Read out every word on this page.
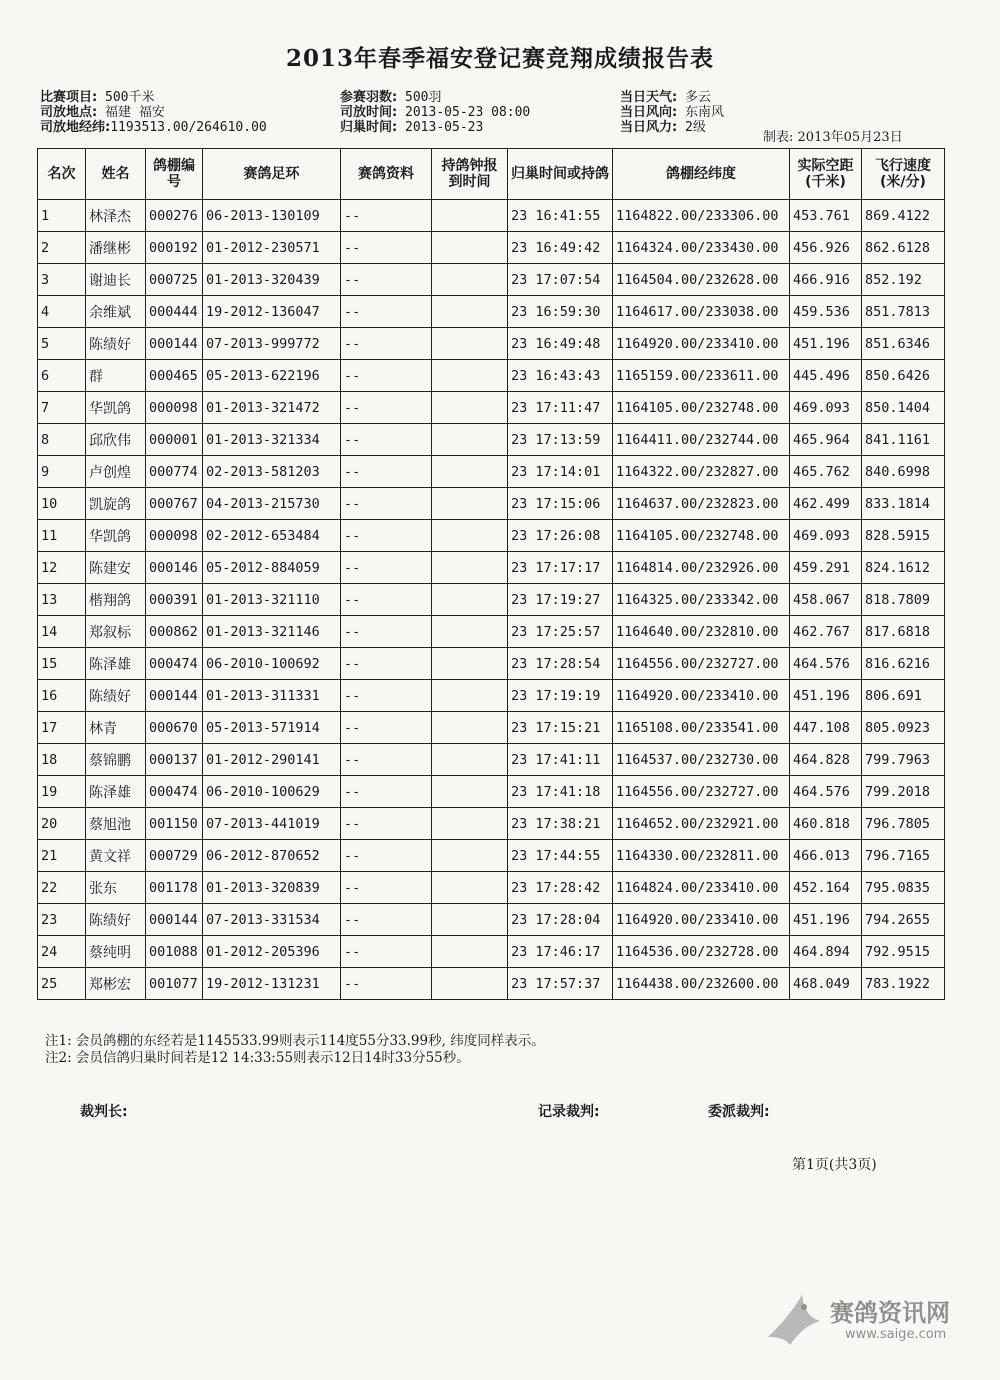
2013年春季福安登记赛竞翔成绩报告表
比赛项目: 500千米
司放地点: 福建 福安
司放地经纬:1193513.00/264610.00
参赛羽数: 500羽
司放时间: 2013-05-23 08:00
归巢时间: 2013-05-23
当日天气: 多云
当日风向: 东南风
当日风力: 2级
制表: 2013年05月23日
名次	姓名	鸽棚编号	赛鸽足环	赛鸽资料	持鸽钟报到时间	归巢时间或持鸽	鸽棚经纬度	实际空距(千米)	飞行速度(米/分)
1	林泽杰	000276	06-2013-130109	--		23 16:41:55	1164822.00/233306.00	453.761	869.4122
2	潘继彬	000192	01-2012-230571	--		23 16:49:42	1164324.00/233430.00	456.926	862.6128
3	谢迪长	000725	01-2013-320439	--		23 17:07:54	1164504.00/232628.00	466.916	852.192
4	余维斌	000444	19-2012-136047	--		23 16:59:30	1164617.00/233038.00	459.536	851.7813
5	陈绩好	000144	07-2013-999772	--		23 16:49:48	1164920.00/233410.00	451.196	851.6346
6	群	000465	05-2013-622196	--		23 16:43:43	1165159.00/233611.00	445.496	850.6426
7	华凯鸽	000098	01-2013-321472	--		23 17:11:47	1164105.00/232748.00	469.093	850.1404
8	邱欣伟	000001	01-2013-321334	--		23 17:13:59	1164411.00/232744.00	465.964	841.1161
9	卢创煌	000774	02-2013-581203	--		23 17:14:01	1164322.00/232827.00	465.762	840.6998
10	凯旋鸽	000767	04-2013-215730	--		23 17:15:06	1164637.00/232823.00	462.499	833.1814
11	华凯鸽	000098	02-2012-653484	--		23 17:26:08	1164105.00/232748.00	469.093	828.5915
12	陈建安	000146	05-2012-884059	--		23 17:17:17	1164814.00/232926.00	459.291	824.1612
13	楷翔鸽	000391	01-2013-321110	--		23 17:19:27	1164325.00/233342.00	458.067	818.7809
14	郑叙标	000862	01-2013-321146	--		23 17:25:57	1164640.00/232810.00	462.767	817.6818
15	陈泽雄	000474	06-2010-100692	--		23 17:28:54	1164556.00/232727.00	464.576	816.6216
16	陈绩好	000144	01-2013-311331	--		23 17:19:19	1164920.00/233410.00	451.196	806.691
17	林青	000670	05-2013-571914	--		23 17:15:21	1165108.00/233541.00	447.108	805.0923
18	蔡锦鹏	000137	01-2012-290141	--		23 17:41:11	1164537.00/232730.00	464.828	799.7963
19	陈泽雄	000474	06-2010-100629	--		23 17:41:18	1164556.00/232727.00	464.576	799.2018
20	蔡旭池	001150	07-2013-441019	--		23 17:38:21	1164652.00/232921.00	460.818	796.7805
21	黄文祥	000729	06-2012-870652	--		23 17:44:55	1164330.00/232811.00	466.013	796.7165
22	张东	001178	01-2013-320839	--		23 17:28:42	1164824.00/233410.00	452.164	795.0835
23	陈绩好	000144	07-2013-331534	--		23 17:28:04	1164920.00/233410.00	451.196	794.2655
24	蔡纯明	001088	01-2012-205396	--		23 17:46:17	1164536.00/232728.00	464.894	792.9515
25	郑彬宏	001077	19-2012-131231	--		23 17:57:37	1164438.00/232600.00	468.049	783.1922
注1: 会员鸽棚的东经若是1145533.99则表示114度55分33.99秒, 纬度同样表示。
注2: 会员信鸽归巢时间若是12 14:33:55则表示12日14时33分55秒。
裁判长:	记录裁判:	委派裁判:
第1页(共3页)
赛鸽资讯网
www.saige.com
